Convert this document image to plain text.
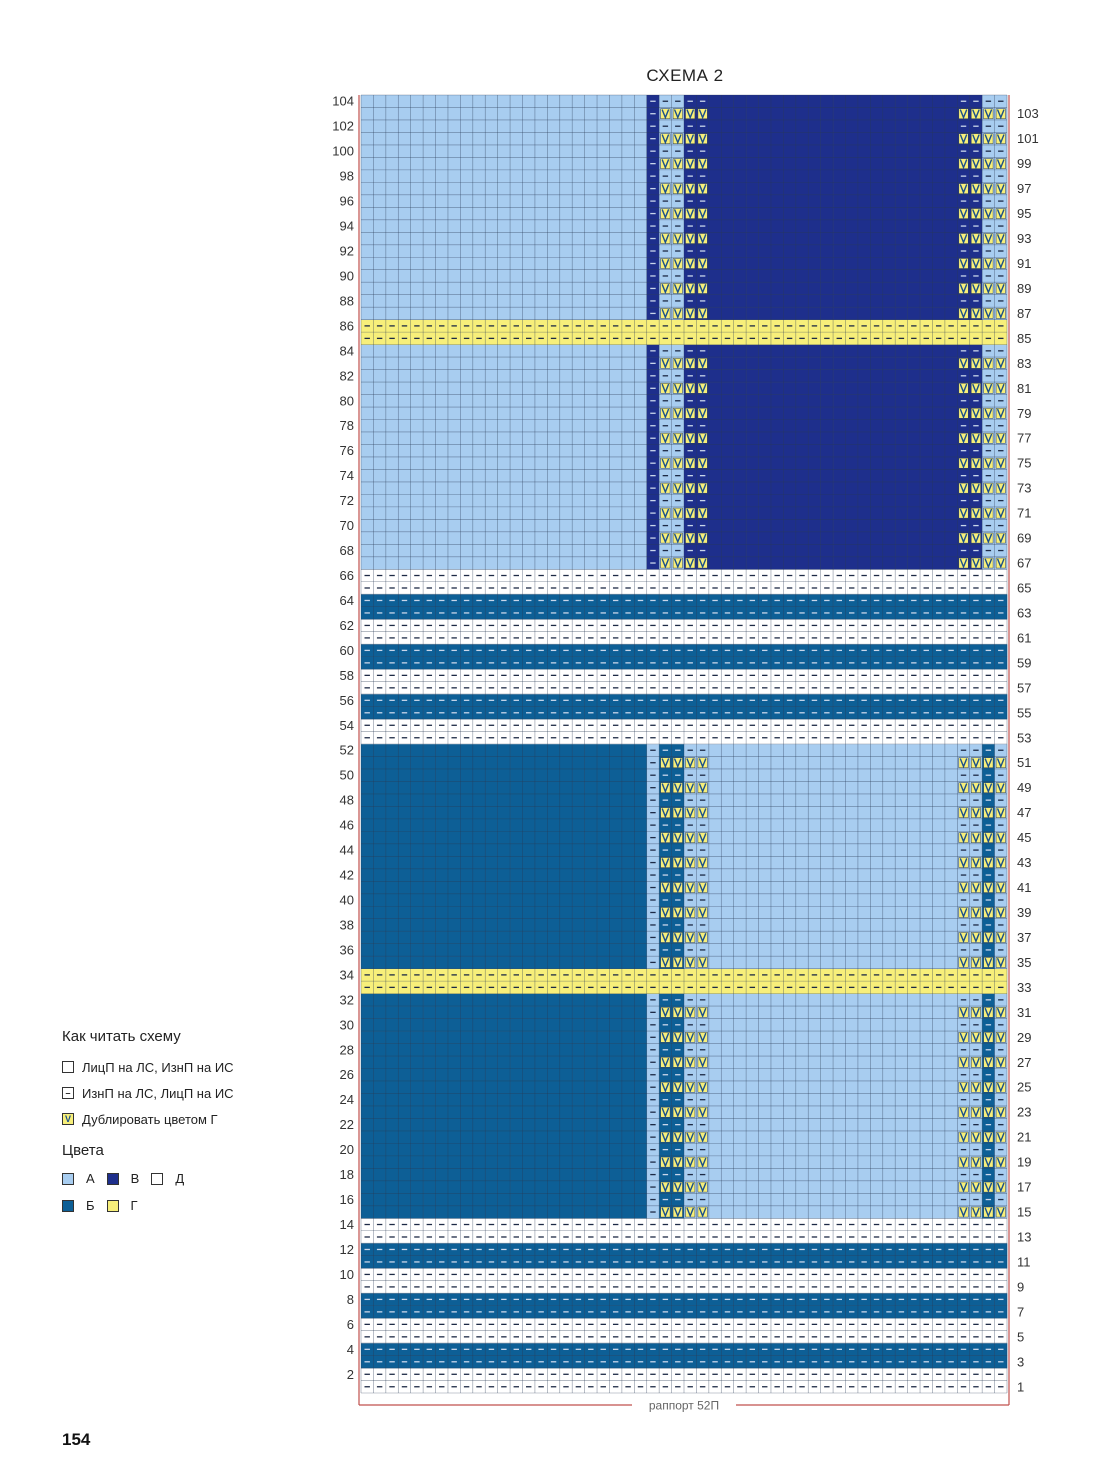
СХЕМА 2
104
102
100
98
96
94
92
90
88
86
84
82
80
78
76
74
72
70
68
66
64
62
60
58
56
54
52
50
48
46
44
42
40
38
36
34
32
30
28
26
24
22
20
18
16
14
12
10
8
6
4
2
103
101
99
97
95
93
91
89
87
85
83
81
79
77
75
73
71
69
67
65
63
61
59
57
55
53
51
49
47
45
43
41
39
37
35
33
31
29
27
25
23
21
19
17
15
13
11
9
7
5
3
1
раппорт 52П
Как читать схему
ЛицП на ЛС, ИзнП на ИС
– ИзнП на ЛС, ЛицП на ИС
V Дублировать цветом Г
Цвета
А	В	Д
Б	Г
154
